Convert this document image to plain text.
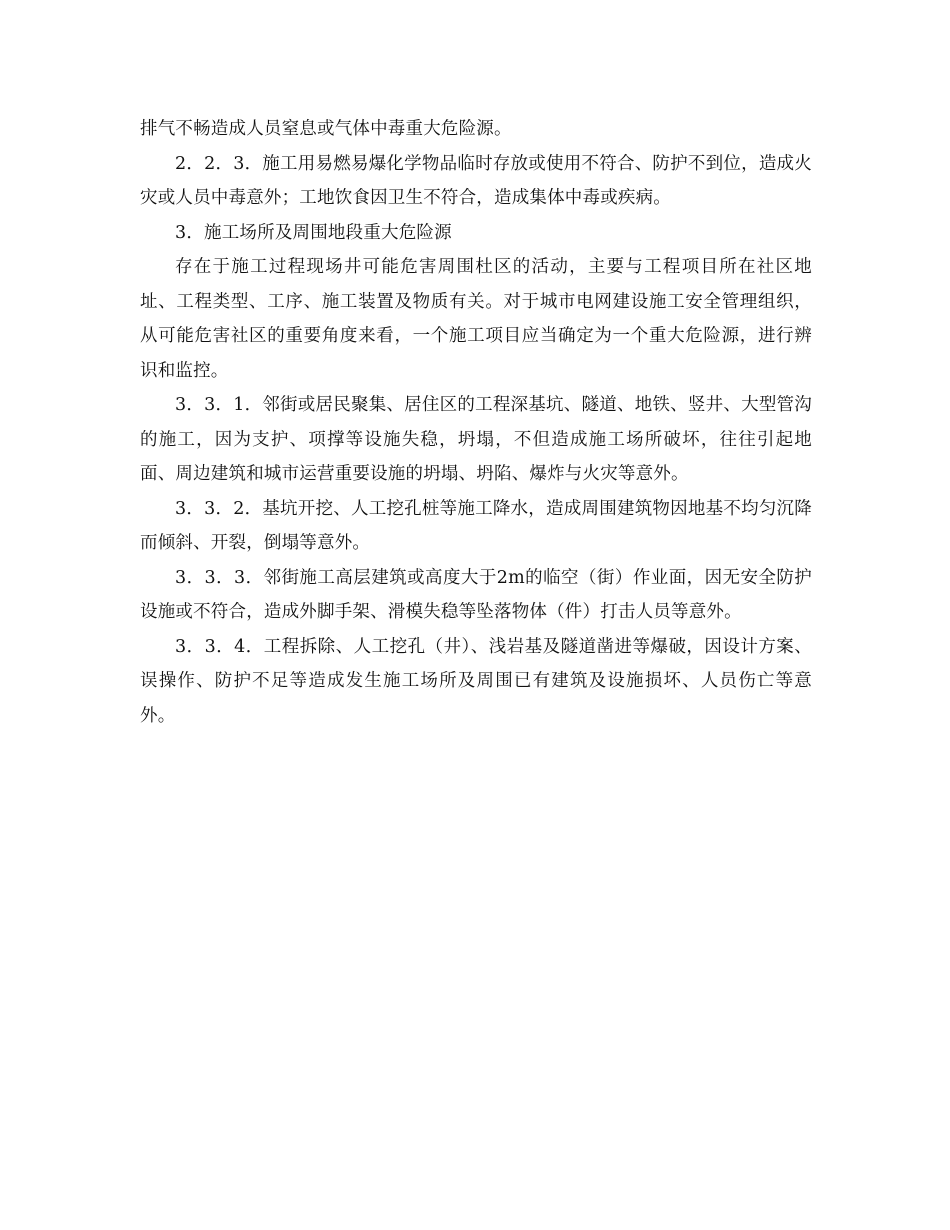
排气不畅造成人员窒息或气体中毒重大危险源。

2．2．3．施工用易燃易爆化学物品临时存放或使用不符合、防护不到位，造成火灾或人员中毒意外；工地饮食因卫生不符合，造成集体中毒或疾病。

3．施工场所及周围地段重大危险源

存在于施工过程现场井可能危害周围杜区的活动，主要与工程项目所在社区地址、工程类型、工序、施工装置及物质有关。对于城市电网建设施工安全管理组织，从可能危害社区的重要角度来看，一个施工项目应当确定为一个重大危险源，进行辨识和监控。

3．3．1．邻街或居民聚集、居住区的工程深基坑、隧道、地铁、竖井、大型管沟的施工，因为支护、项撑等设施失稳，坍塌，不但造成施工场所破坏，往往引起地面、周边建筑和城市运营重要设施的坍塌、坍陷、爆炸与火灾等意外。

3．3．2．基坑开挖、人工挖孔桩等施工降水，造成周围建筑物因地基不均匀沉降而倾斜、开裂，倒塌等意外。

3．3．3．邻街施工高层建筑或高度大于2m的临空（街）作业面，因无安全防护设施或不符合，造成外脚手架、滑模失稳等坠落物体（件）打击人员等意外。

3．3．4．工程拆除、人工挖孔（井）、浅岩基及隧道凿进等爆破，因设计方案、误操作、防护不足等造成发生施工场所及周围已有建筑及设施损坏、人员伤亡等意外。
